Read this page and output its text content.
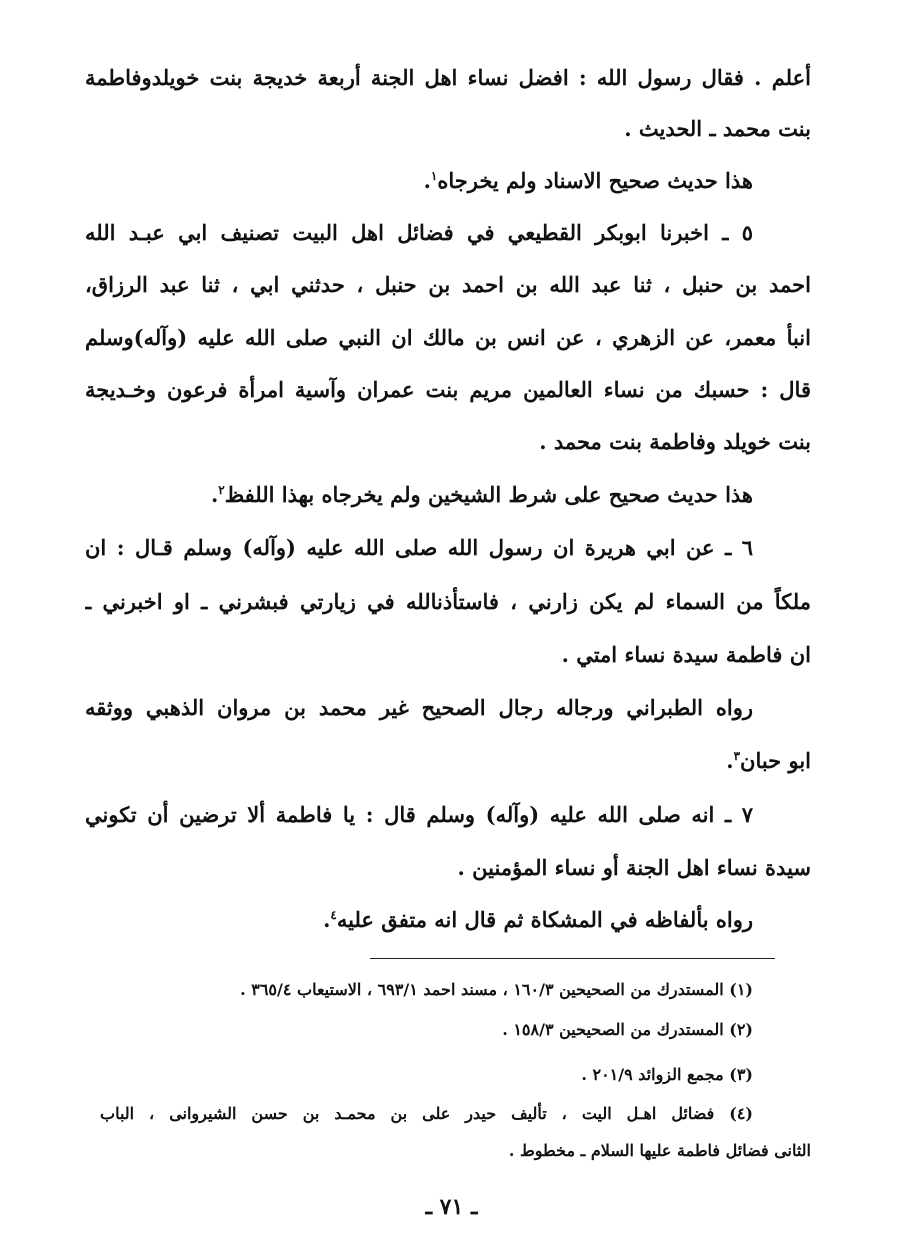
أعلم . فقال رسول الله : افضل نساء اهل الجنة أربعة خديجة بنت خويلدوفاطمة
بنت محمد ـ الحديث .
هذا حديث صحيح الاسناد ولم يخرجاه$^١$.
٥ ـ اخبرنا ابوبكر القطيعي في فضائل اهل البيت تصنيف ابي عبـد الله
احمد بن حنبل ، ثنا عبد الله بن احمد بن حنبل ، حدثني ابي ، ثنا عبد الرزاق،
انبأ معمر، عن الزهري ، عن انس بن مالك ان النبي صلى الله عليه (وآله)وسلم
قال : حسبك من نساء العالمين مريم بنت عمران وآسية امرأة فرعون وخـديجة
بنت خويلد وفاطمة بنت محمد .
هذا حديث صحيح على شرط الشيخين ولم يخرجاه بهذا اللفظ$^٢$.
٦ ـ عن ابي هريرة ان رسول الله صلى الله عليه (وآله) وسلم قـال : ان
ملكاً من السماء لم يكن زارني ، فاستأذنالله في زيارتي فبشرني ـ او اخبرني ـ
ان فاطمة سيدة نساء امتي .
رواه الطبراني ورجاله رجال الصحيح غير محمد بن مروان الذهبي ووثقه
ابو حبان$^٣$.
٧ ـ انه صلى الله عليه (وآله) وسلم قال : يا فاطمة ألا ترضين أن تكوني
سيدة نساء اهل الجنة أو نساء المؤمنين .
رواه بألفاظه في المشكاة ثم قال انه متفق عليه$^٤$.
(١) المستدرك من الصحيحين ١٦٠/٣ ، مسند احمد ٦٩٣/١ ، الاستيعاب ٣٦٥/٤ .
(٢) المستدرك من الصحيحين ١٥٨/٣ .
(٣) مجمع الزوائد ٢٠١/٩ .
(٤) فضائل اهـل اليت ، تأليف حيدر على بن محمـد بن حسن الشيروانى ، الباب
الثانى فضائل فاطمة عليها السلام ـ مخطوط .
ـ ٧١ ـ
